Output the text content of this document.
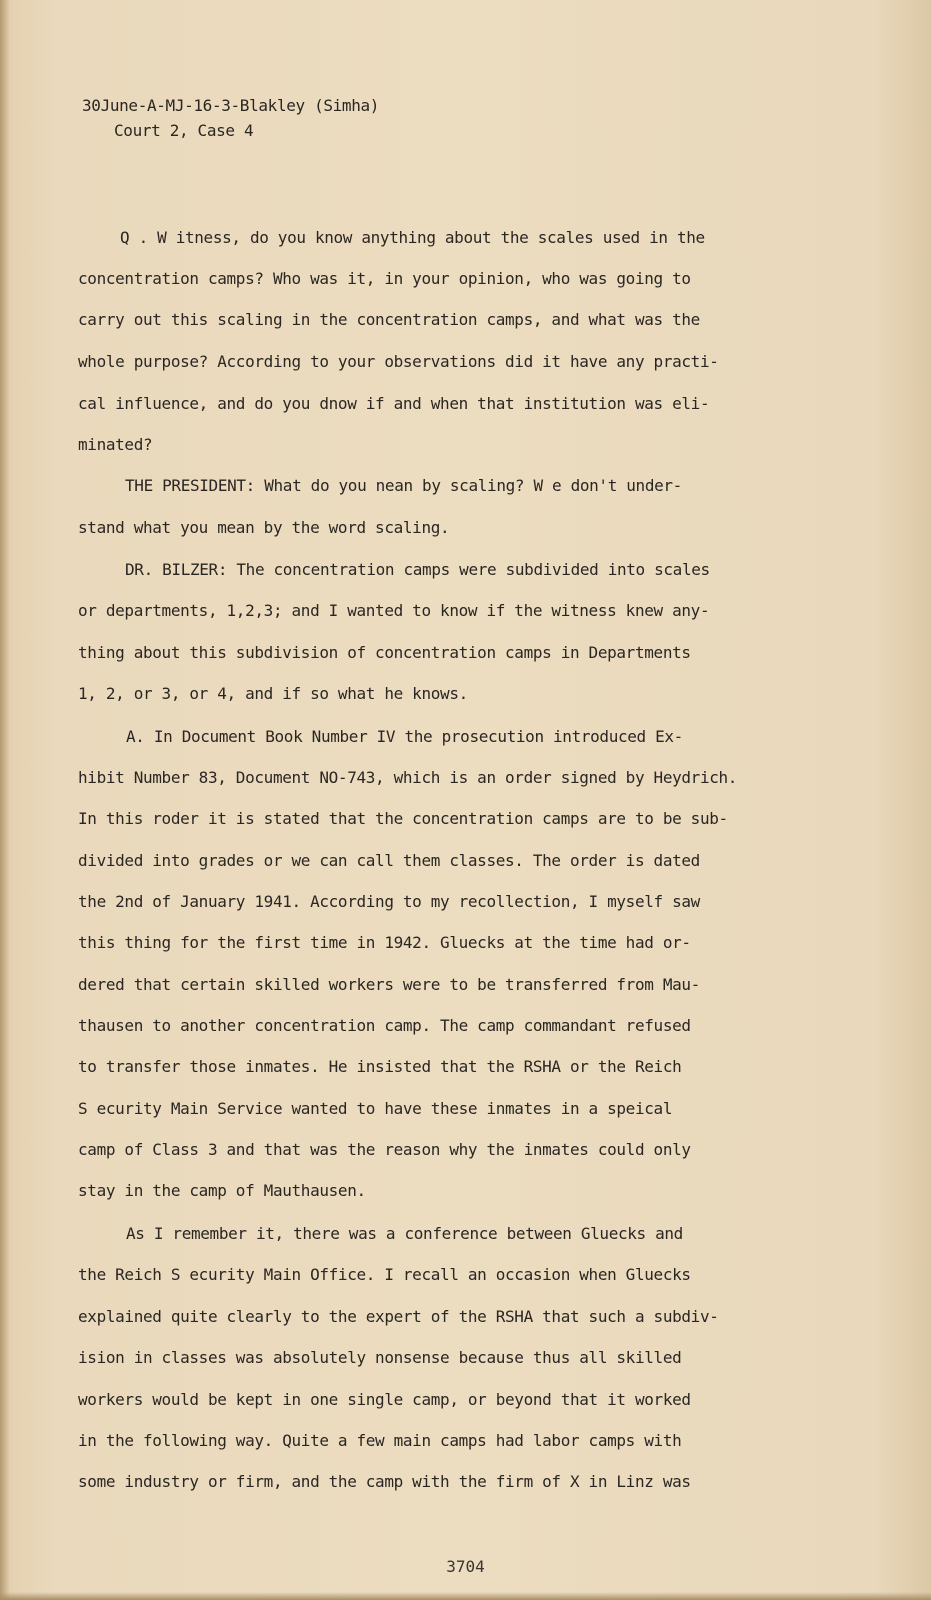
30June-A-MJ-16-3-Blakley (Simha)
Court 2, Case 4
Q . W itness, do you know anything about the scales used in the
concentration camps? Who was it, in your opinion, who was going to
carry out this scaling in the concentration camps, and what was the
whole purpose? According to your observations did it have any practi-
cal influence, and do you dnow if and when that institution was eli-
minated?
THE PRESIDENT: What do you nean by scaling? W e don't under-
stand what you mean by the word scaling.
DR. BILZER: The concentration camps were subdivided into scales
or departments, 1,2,3; and I wanted to know if the witness knew any-
thing about this subdivision of concentration camps in Departments
1, 2, or 3, or 4, and if so what he knows.
A. In Document Book Number IV the prosecution introduced Ex-
hibit Number 83, Document NO-743, which is an order signed by Heydrich.
In this roder it is stated that the concentration camps are to be sub-
divided into grades or we can call them classes. The order is dated
the 2nd of January 1941. According to my recollection, I myself saw
this thing for the first time in 1942. Gluecks at the time had or-
dered that certain skilled workers were to be transferred from Mau-
thausen to another concentration camp. The camp commandant refused
to transfer those inmates. He insisted that the RSHA or the Reich
S ecurity Main Service wanted to have these inmates in a speical
camp of Class 3 and that was the reason why the inmates could only
stay in the camp of Mauthausen.
As I remember it, there was a conference between Gluecks and
the Reich S ecurity Main Office. I recall an occasion when Gluecks
explained quite clearly to the expert of the RSHA that such a subdiv-
ision in classes was absolutely nonsense because thus all skilled
workers would be kept in one single camp, or beyond that it worked
in the following way. Quite a few main camps had labor camps with
some industry or firm, and the camp with the firm of X in Linz was
3704
